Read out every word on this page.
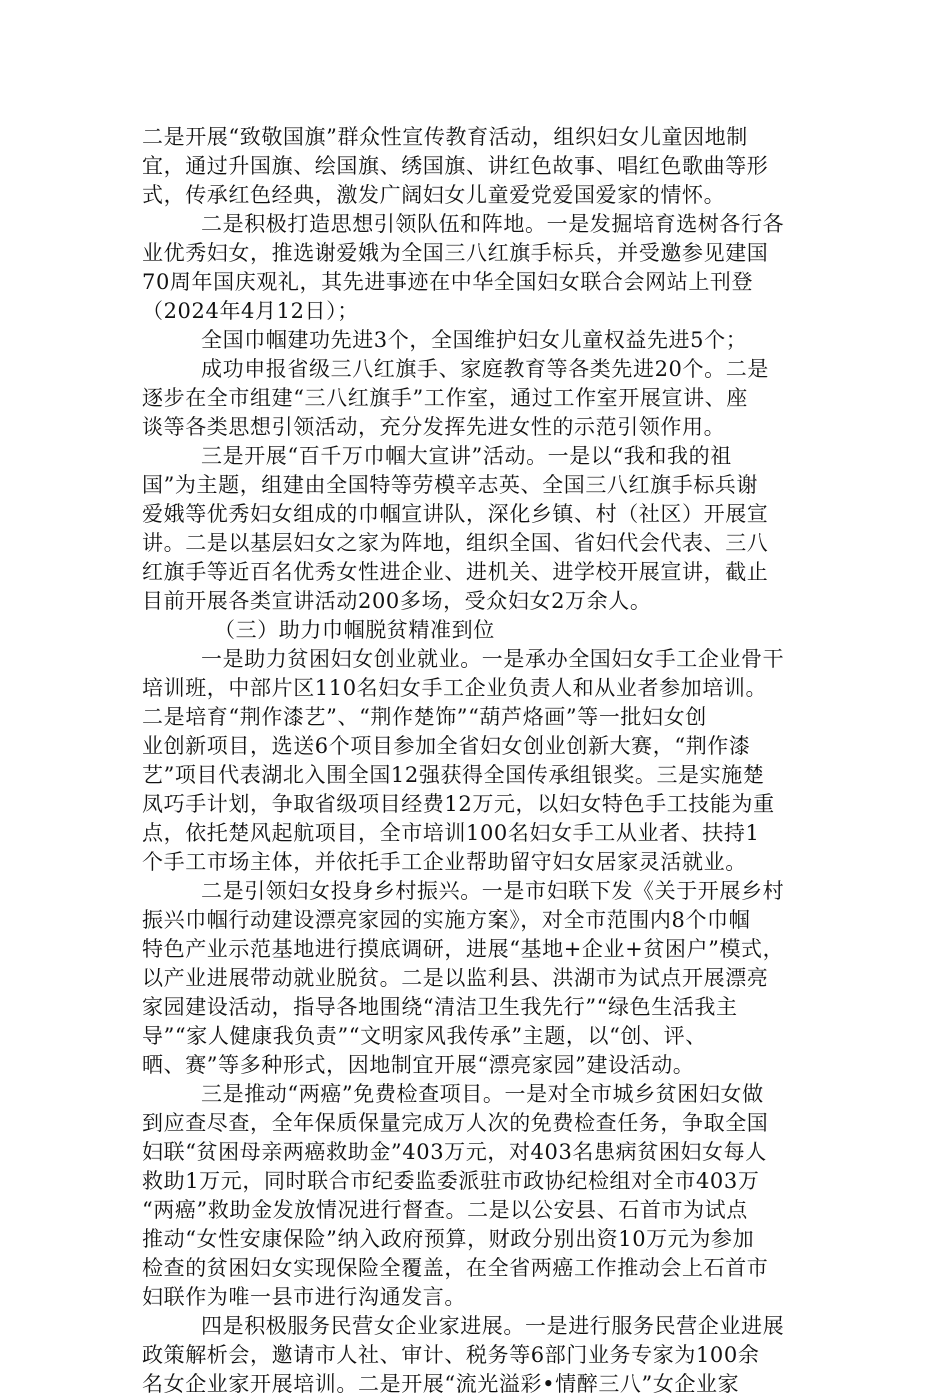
二是开展“致敬国旗”群众性宣传教育活动，组织妇女儿童因地制
宜，通过升国旗、绘国旗、绣国旗、讲红色故事、唱红色歌曲等形
式，传承红色经典，激发广阔妇女儿童爱党爱国爱家的情怀。
二是积极打造思想引领队伍和阵地。一是发掘培育选树各行各
业优秀妇女，推选谢爱娥为全国三八红旗手标兵，并受邀参见建国
70周年国庆观礼，其先进事迹在中华全国妇女联合会网站上刊登
（2024年4月12日）；
全国巾帼建功先进3个，全国维护妇女儿童权益先进5个；
成功申报省级三八红旗手、家庭教育等各类先进20个。二是
逐步在全市组建“三八红旗手”工作室，通过工作室开展宣讲、座
谈等各类思想引领活动，充分发挥先进女性的示范引领作用。
三是开展“百千万巾帼大宣讲”活动。一是以“我和我的祖
国”为主题，组建由全国特等劳模辛志英、全国三八红旗手标兵谢
爱娥等优秀妇女组成的巾帼宣讲队，深化乡镇、村（社区）开展宣
讲。二是以基层妇女之家为阵地，组织全国、省妇代会代表、三八
红旗手等近百名优秀女性进企业、进机关、进学校开展宣讲，截止
目前开展各类宣讲活动200多场，受众妇女2万余人。
（三）助力巾帼脱贫精准到位
一是助力贫困妇女创业就业。一是承办全国妇女手工企业骨干
培训班，中部片区110名妇女手工企业负责人和从业者参加培训。
二是培育“荆作漆艺”、“荆作楚饰”“葫芦烙画”等一批妇女创
业创新项目，选送6个项目参加全省妇女创业创新大赛，“荆作漆
艺”项目代表湖北入围全国12强获得全国传承组银奖。三是实施楚
凤巧手计划，争取省级项目经费12万元，以妇女特色手工技能为重
点，依托楚风起航项目，全市培训100名妇女手工从业者、扶持1
个手工市场主体，并依托手工企业帮助留守妇女居家灵活就业。
二是引领妇女投身乡村振兴。一是市妇联下发《关于开展乡村
振兴巾帼行动建设漂亮家园的实施方案》，对全市范围内8个巾帼
特色产业示范基地进行摸底调研，进展“基地+企业+贫困户”模式，
以产业进展带动就业脱贫。二是以监利县、洪湖市为试点开展漂亮
家园建设活动，指导各地围绕“清洁卫生我先行”“绿色生活我主
导”“家人健康我负责”“文明家风我传承”主题，以“创、评、
晒、赛”等多种形式，因地制宜开展“漂亮家园”建设活动。
三是推动“两癌”免费检查项目。一是对全市城乡贫困妇女做
到应查尽查，全年保质保量完成万人次的免费检查任务，争取全国
妇联“贫困母亲两癌救助金”403万元，对403名患病贫困妇女每人
救助1万元，同时联合市纪委监委派驻市政协纪检组对全市403万
“两癌”救助金发放情况进行督查。二是以公安县、石首市为试点
推动“女性安康保险”纳入政府预算，财政分别出资10万元为参加
检查的贫困妇女实现保险全覆盖，在全省两癌工作推动会上石首市
妇联作为唯一县市进行沟通发言。
四是积极服务民营女企业家进展。一是进行服务民营企业进展
政策解析会，邀请市人社、审计、税务等6部门业务专家为100余
名女企业家开展培训。二是开展“流光溢彩•情醉三八”女企业家
